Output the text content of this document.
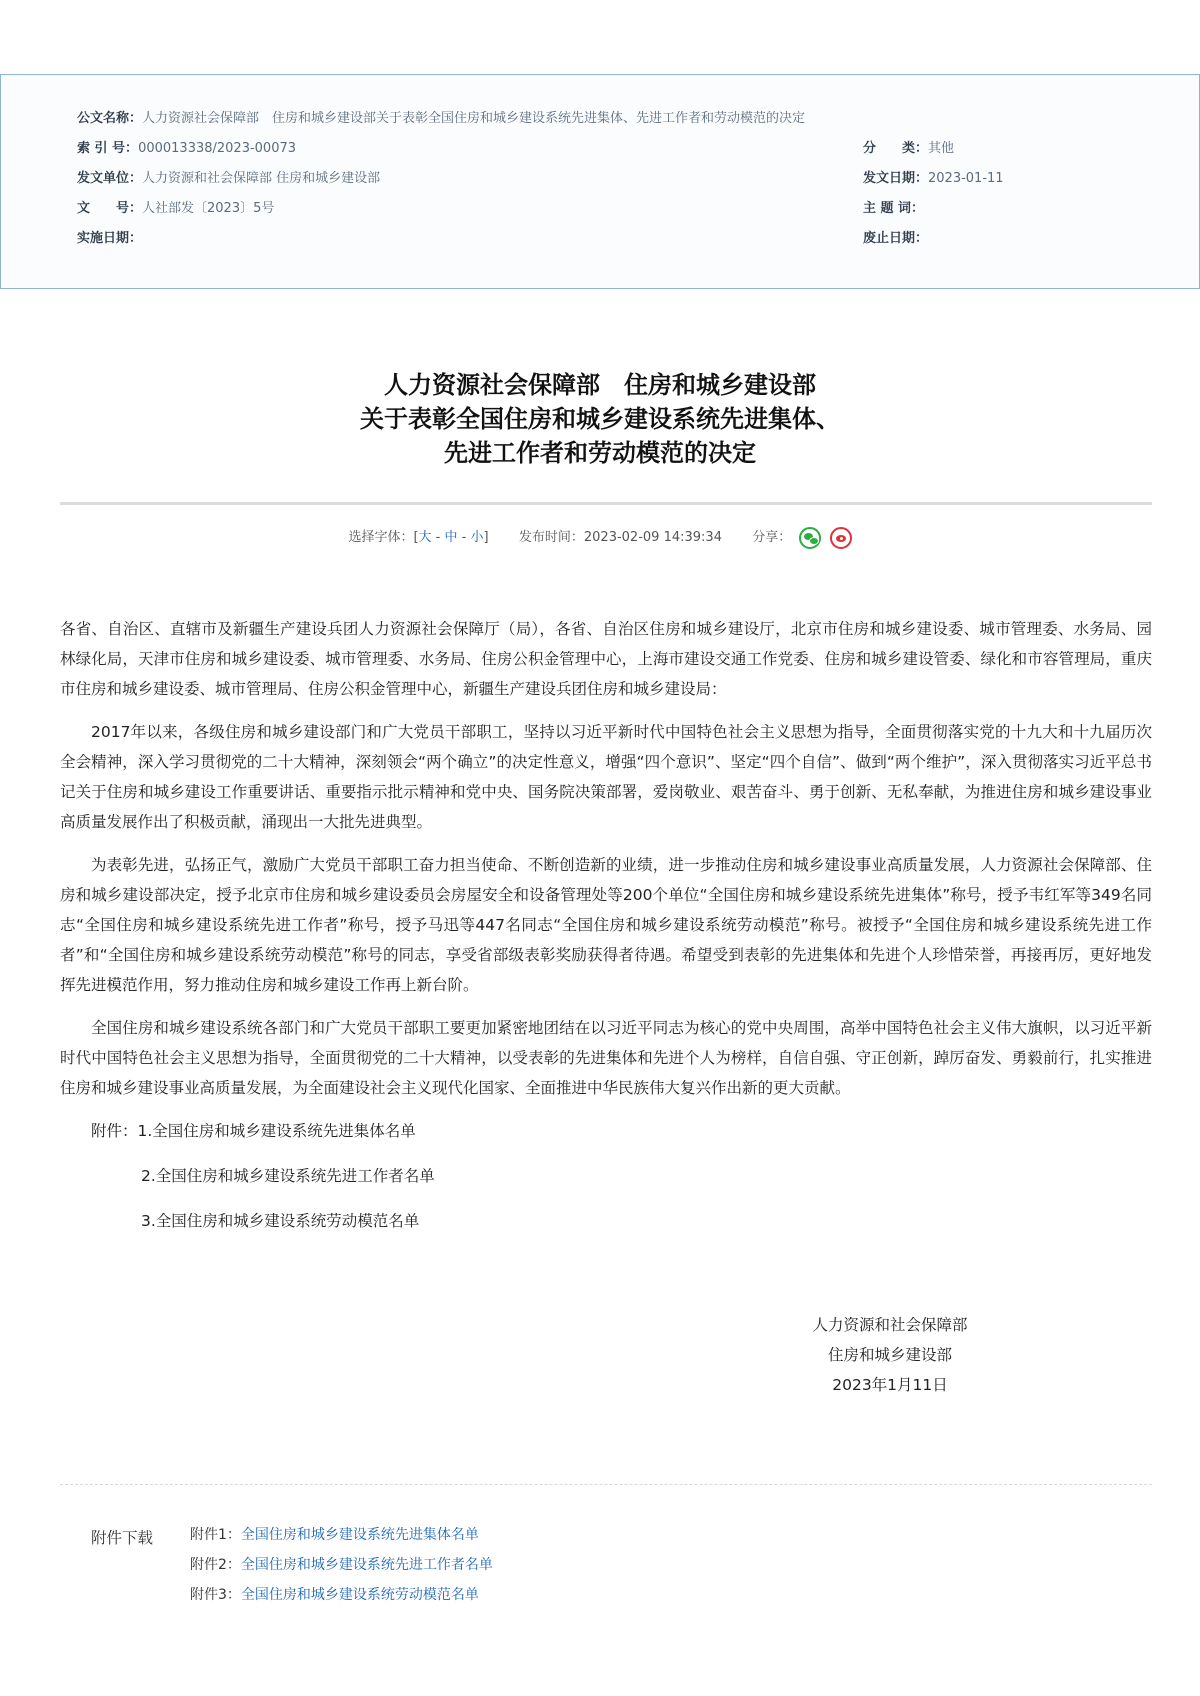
公文名称：人力资源社会保障部　住房和城乡建设部关于表彰全国住房和城乡建设系统先进集体、先进工作者和劳动模范的决定
索 引 号：000013338/2023-00073	分　　类：其他
发文单位：人力资源和社会保障部 住房和城乡建设部	发文日期：2023-01-11
文　　号：人社部发〔2023〕5号	主 题 词：
实施日期：	废止日期：
人力资源社会保障部　住房和城乡建设部
关于表彰全国住房和城乡建设系统先进集体、
先进工作者和劳动模范的决定
选择字体：[大 - 中 - 小] 发布时间：2023-02-09 14:39:34 分享：

各省、自治区、直辖市及新疆生产建设兵团人力资源社会保障厅（局），各省、自治区住房和城乡建设厅，北京市住房和城乡建设委、城市管理委、水务局、园林绿化局，天津市住房和城乡建设委、城市管理委、水务局、住房公积金管理中心，上海市建设交通工作党委、住房和城乡建设管委、绿化和市容管理局，重庆市住房和城乡建设委、城市管理局、住房公积金管理中心，新疆生产建设兵团住房和城乡建设局：

2017年以来，各级住房和城乡建设部门和广大党员干部职工，坚持以习近平新时代中国特色社会主义思想为指导，全面贯彻落实党的十九大和十九届历次全会精神，深入学习贯彻党的二十大精神，深刻领会“两个确立”的决定性意义，增强“四个意识”、坚定“四个自信”、做到“两个维护”，深入贯彻落实习近平总书记关于住房和城乡建设工作重要讲话、重要指示批示精神和党中央、国务院决策部署，爱岗敬业、艰苦奋斗、勇于创新、无私奉献，为推进住房和城乡建设事业高质量发展作出了积极贡献，涌现出一大批先进典型。

为表彰先进，弘扬正气，激励广大党员干部职工奋力担当使命、不断创造新的业绩，进一步推动住房和城乡建设事业高质量发展，人力资源社会保障部、住房和城乡建设部决定，授予北京市住房和城乡建设委员会房屋安全和设备管理处等200个单位“全国住房和城乡建设系统先进集体”称号，授予韦红军等349名同志“全国住房和城乡建设系统先进工作者”称号，授予马迅等447名同志“全国住房和城乡建设系统劳动模范”称号。被授予“全国住房和城乡建设系统先进工作者”和“全国住房和城乡建设系统劳动模范”称号的同志，享受省部级表彰奖励获得者待遇。希望受到表彰的先进集体和先进个人珍惜荣誉，再接再厉，更好地发挥先进模范作用，努力推动住房和城乡建设工作再上新台阶。

全国住房和城乡建设系统各部门和广大党员干部职工要更加紧密地团结在以习近平同志为核心的党中央周围，高举中国特色社会主义伟大旗帜，以习近平新时代中国特色社会主义思想为指导，全面贯彻党的二十大精神，以受表彰的先进集体和先进个人为榜样，自信自强、守正创新，踔厉奋发、勇毅前行，扎实推进住房和城乡建设事业高质量发展，为全面建设社会主义现代化国家、全面推进中华民族伟大复兴作出新的更大贡献。

附件：1.全国住房和城乡建设系统先进集体名单
2.全国住房和城乡建设系统先进工作者名单
3.全国住房和城乡建设系统劳动模范名单
人力资源和社会保障部
住房和城乡建设部
2023年1月11日
附件下载	附件1：全国住房和城乡建设系统先进集体名单
附件2：全国住房和城乡建设系统先进工作者名单
附件3：全国住房和城乡建设系统劳动模范名单
